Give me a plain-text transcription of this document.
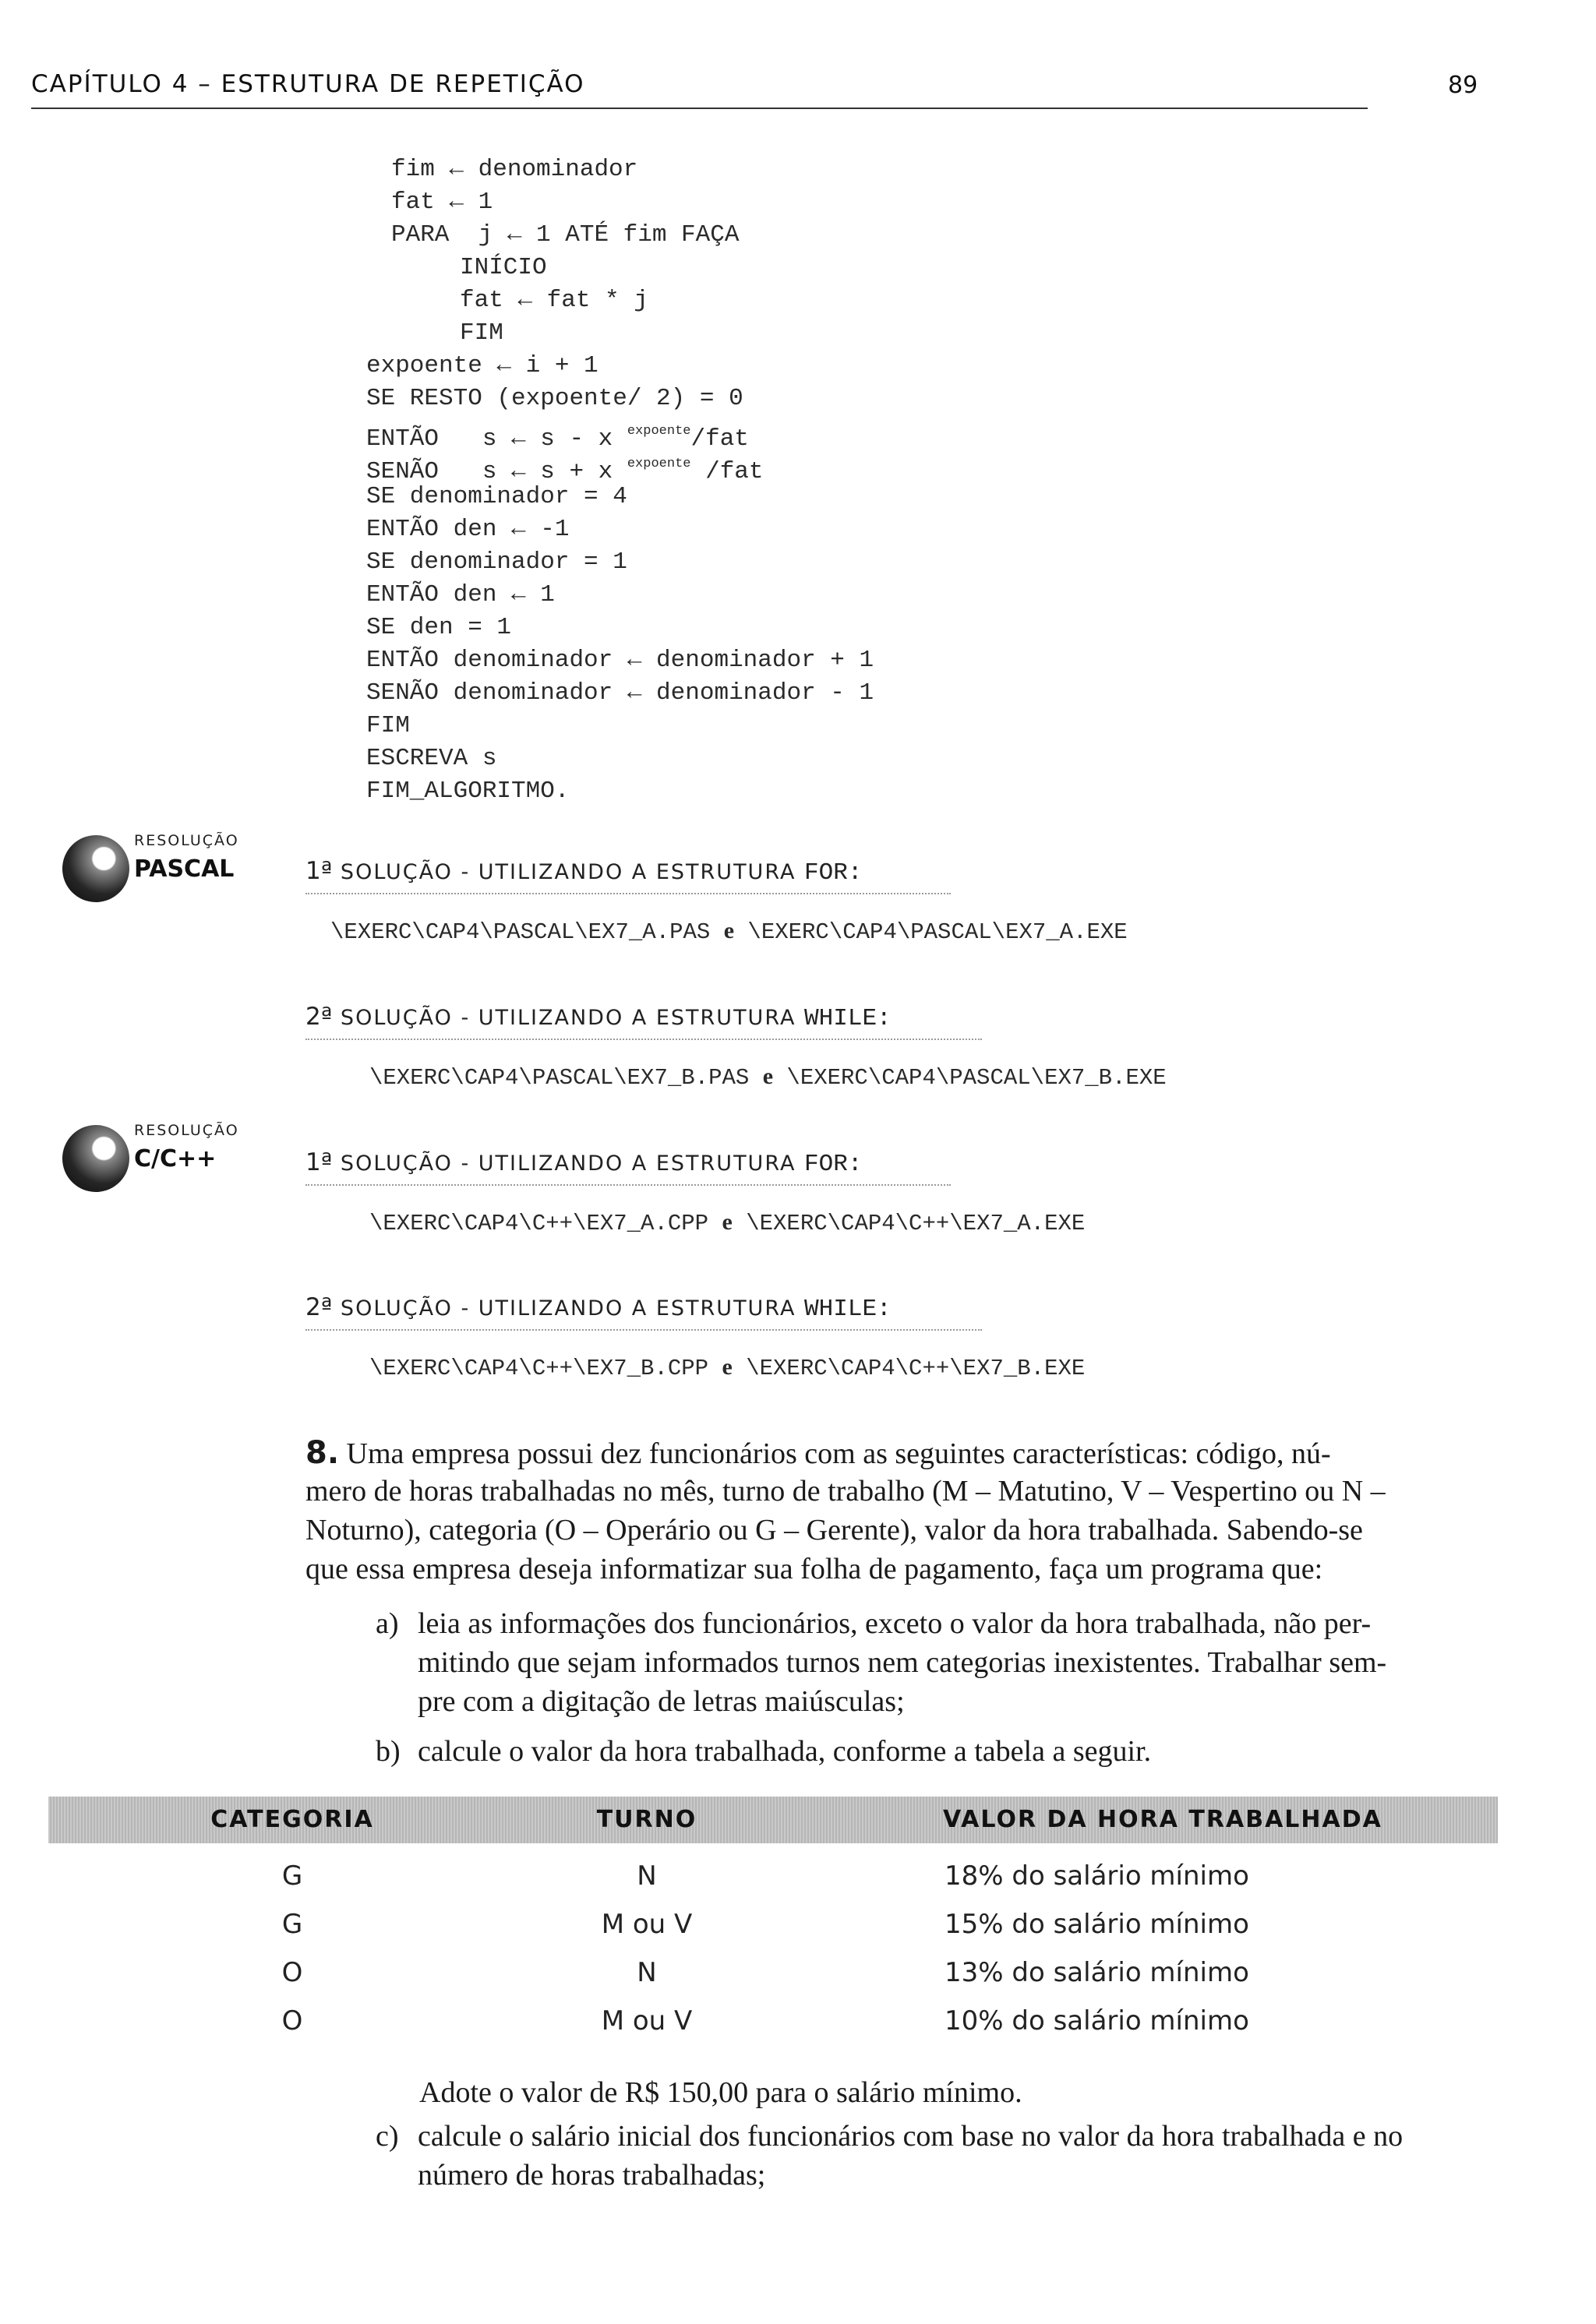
CAPÍTULO 4 – ESTRUTURA DE REPETIÇÃO	89
fim ← denominador
fat ← 1
PARA  j ← 1 ATÉ fim FAÇA
INÍCIO
fat ← fat * j
FIM
expoente ← i + 1
SE RESTO (expoente/ 2) = 0
ENTÃO   s ← s - x $^{expoente}$/fat
SENÃO   s ← s + x $^{expoente}$ /fat
SE denominador = 4
ENTÃO den ← -1
SE denominador = 1
ENTÃO den ← 1
SE den = 1
ENTÃO denominador ← denominador + 1
SENÃO denominador ← denominador - 1
FIM
ESCREVA s
FIM_ALGORITMO.
RESOLUÇÃO
PASCAL	1ª SOLUÇÃO - UTILIZANDO A ESTRUTURA FOR:
\EXERC\CAP4\PASCAL\EX7_A.PAS e \EXERC\CAP4\PASCAL\EX7_A.EXE
2ª SOLUÇÃO - UTILIZANDO A ESTRUTURA WHILE:
\EXERC\CAP4\PASCAL\EX7_B.PAS e \EXERC\CAP4\PASCAL\EX7_B.EXE
RESOLUÇÃO
C/C++	1ª SOLUÇÃO - UTILIZANDO A ESTRUTURA FOR:
\EXERC\CAP4\C++\EX7_A.CPP e \EXERC\CAP4\C++\EX7_A.EXE
2ª SOLUÇÃO - UTILIZANDO A ESTRUTURA WHILE:
\EXERC\CAP4\C++\EX7_B.CPP e \EXERC\CAP4\C++\EX7_B.EXE
8. Uma empresa possui dez funcionários com as seguintes características: código, nú-
mero de horas trabalhadas no mês, turno de trabalho (M – Matutino, V – Vespertino ou N –
Noturno), categoria (O – Operário ou G – Gerente), valor da hora trabalhada. Sabendo-se
que essa empresa deseja informatizar sua folha de pagamento, faça um programa que:
a) leia as informações dos funcionários, exceto o valor da hora trabalhada, não per-
mitindo que sejam informados turnos nem categorias inexistentes. Trabalhar sem-
pre com a digitação de letras maiúsculas;
b) calcule o valor da hora trabalhada, conforme a tabela a seguir.
CATEGORIA	TURNO	VALOR DA HORA TRABALHADA
G	N	18% do salário mínimo
G	M ou V	15% do salário mínimo
O	N	13% do salário mínimo
O	M ou V	10% do salário mínimo
Adote o valor de R$ 150,00 para o salário mínimo.
c) calcule o salário inicial dos funcionários com base no valor da hora trabalhada e no
número de horas trabalhadas;
